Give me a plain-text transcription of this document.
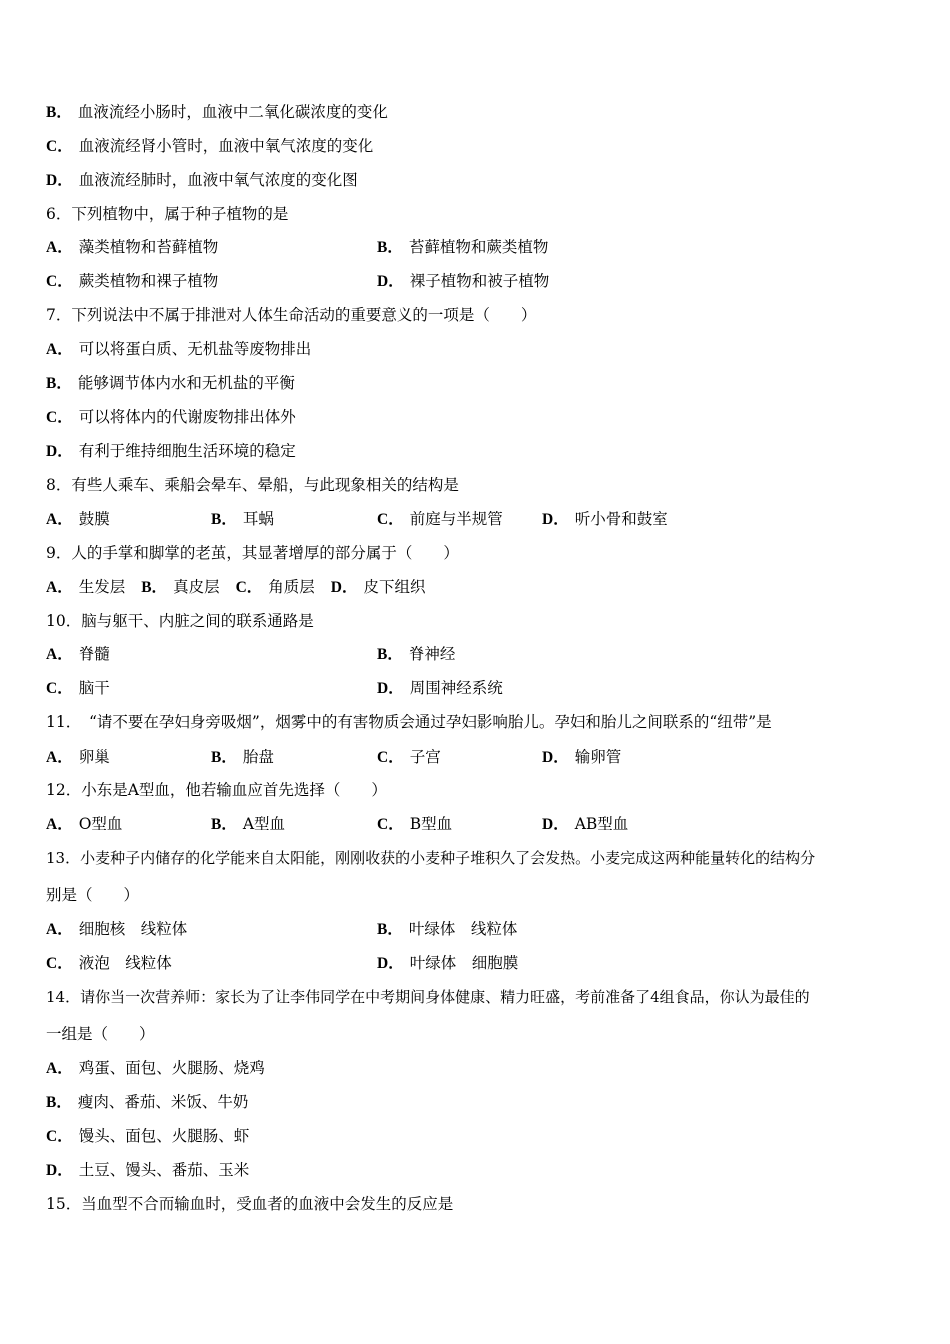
B． 血液流经小肠时，血液中二氧化碳浓度的变化
C． 血液流经肾小管时，血液中氧气浓度的变化
D． 血液流经肺时，血液中氧气浓度的变化图
6．下列植物中，属于种子植物的是
A． 藻类植物和苔藓植物	B． 苔藓植物和蕨类植物
C． 蕨类植物和裸子植物	D． 裸子植物和被子植物
7．下列说法中不属于排泄对人体生命活动的重要意义的一项是（　　）
A． 可以将蛋白质、无机盐等废物排出
B． 能够调节体内水和无机盐的平衡
C． 可以将体内的代谢废物排出体外
D． 有利于维持细胞生活环境的稳定
8．有些人乘车、乘船会晕车、晕船，与此现象相关的结构是
A． 鼓膜	B． 耳蜗	C． 前庭与半规管	D． 听小骨和鼓室
9．人的手掌和脚掌的老茧，其显著增厚的部分属于（　　）
A． 生发层 B． 真皮层 C． 角质层 D． 皮下组织
10．脑与躯干、内脏之间的联系通路是
A． 脊髓	B． 脊神经
C． 脑干	D． 周围神经系统
11．　“请不要在孕妇身旁吸烟”，烟雾中的有害物质会通过孕妇影响胎儿。孕妇和胎儿之间联系的“纽带”是
A． 卵巢	B． 胎盘	C． 子宫	D． 输卵管
12．小东是A型血，他若输血应首先选择（　　）
A． O型血	B． A型血	C． B型血	D． AB型血
13．小麦种子内储存的化学能来自太阳能，刚刚收获的小麦种子堆积久了会发热。小麦完成这两种能量转化的结构分
别是（　　）
A． 细胞核　线粒体	B． 叶绿体　线粒体
C． 液泡　线粒体	D． 叶绿体　细胞膜
14．请你当一次营养师：家长为了让李伟同学在中考期间身体健康、精力旺盛，考前准备了4组食品，你认为最佳的
一组是（　　）
A． 鸡蛋、面包、火腿肠、烧鸡
B． 瘦肉、番茄、米饭、牛奶
C． 馒头、面包、火腿肠、虾
D． 土豆、馒头、番茄、玉米
15．当血型不合而输血时，受血者的血液中会发生的反应是
